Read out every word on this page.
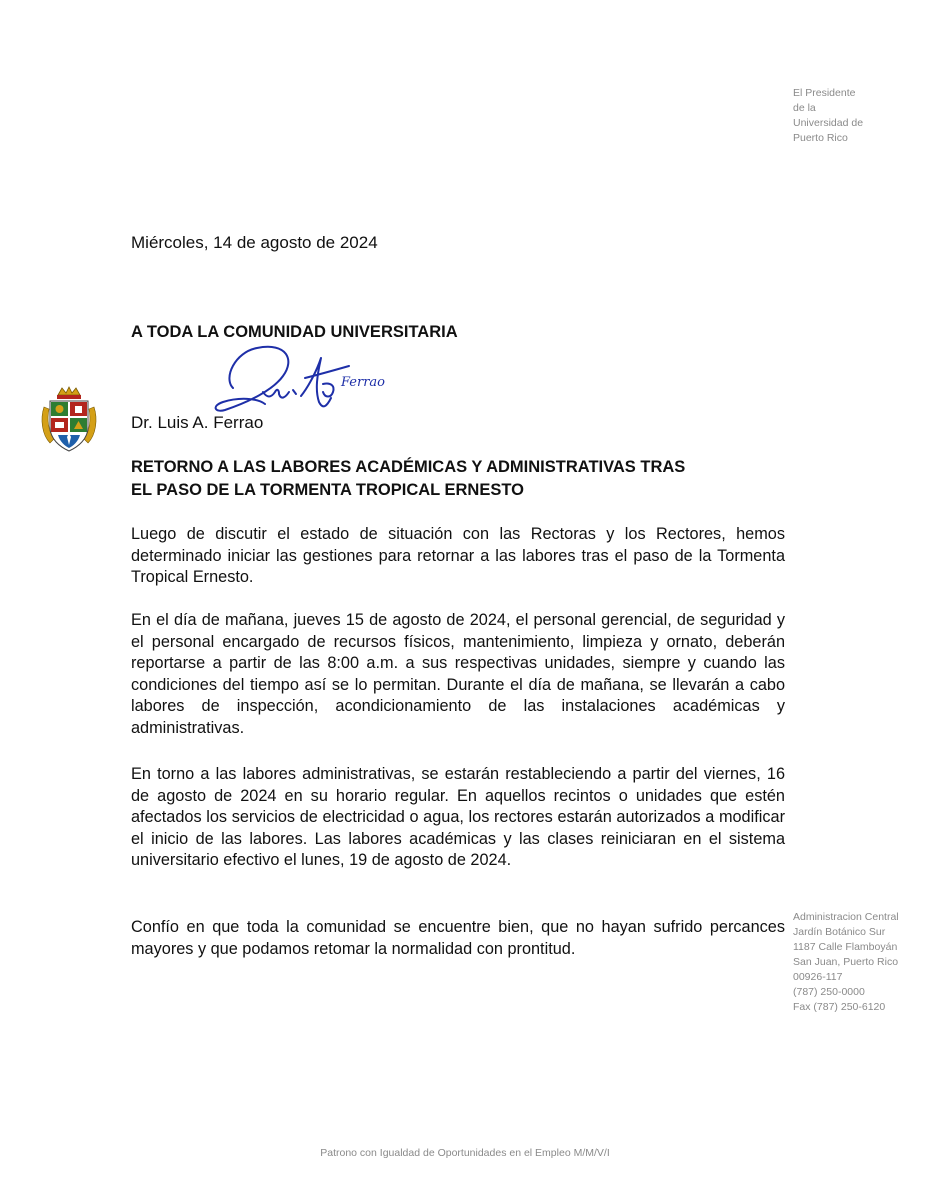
El Presidente
de la
Universidad de
Puerto Rico
Miércoles, 14 de agosto de 2024
A TODA LA COMUNIDAD UNIVERSITARIA
Ferrao
Dr. Luis A. Ferrao
RETORNO A LAS LABORES ACADÉMICAS Y ADMINISTRATIVAS TRAS
EL PASO DE LA TORMENTA TROPICAL ERNESTO
Luego de discutir el estado de situación con las Rectoras y los Rectores, hemos determinado iniciar las gestiones para retornar a las labores tras el paso de la Tormenta Tropical Ernesto.
En el día de mañana, jueves 15 de agosto de 2024, el personal gerencial, de seguridad y el personal encargado de recursos físicos, mantenimiento, limpieza y ornato, deberán reportarse a partir de las 8:00 a.m. a sus respectivas unidades, siempre y cuando las condiciones del tiempo así se lo permitan. Durante el día de mañana, se llevarán a cabo labores de inspección, acondicionamiento de las instalaciones académicas y administrativas.
En torno a las labores administrativas, se estarán restableciendo a partir del viernes, 16 de agosto de 2024 en su horario regular. En aquellos recintos o unidades que estén afectados los servicios de electricidad o agua, los rectores estarán autorizados a modificar el inicio de las labores. Las labores académicas y las clases reiniciaran en el sistema universitario efectivo el lunes, 19 de agosto de 2024.
Confío en que toda la comunidad se encuentre bien, que no hayan sufrido percances mayores y que podamos retomar la normalidad con prontitud.
Administracion Central
Jardín Botánico Sur
1187 Calle Flamboyán
San Juan, Puerto Rico
00926-117
(787) 250-0000
Fax (787) 250-6120
Patrono con Igualdad de Oportunidades en el Empleo M/M/V/I
